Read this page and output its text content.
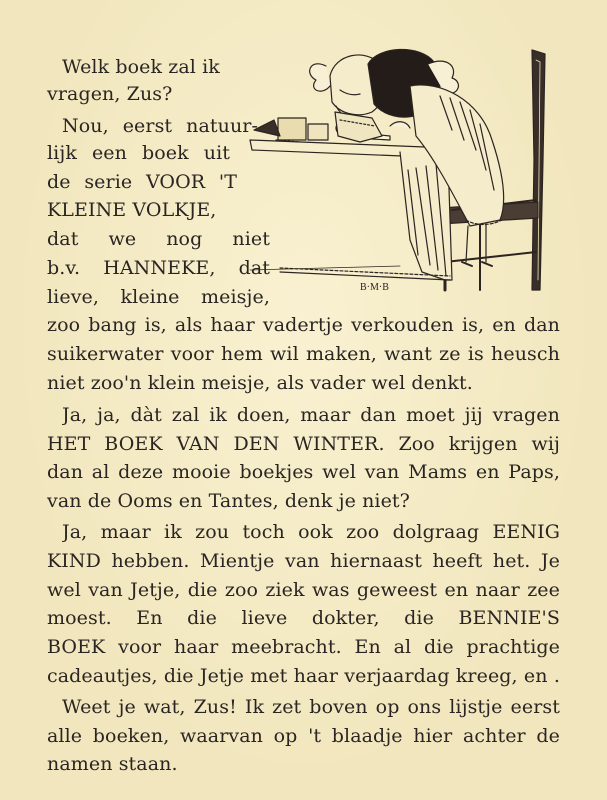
B·M·B
Welk boek zal ik
vragen, Zus?
Nou, eerst natuur-
lijk een boek uit
de serie VOOR 'T
KLEINE VOLKJE,
dat we nog niet
b.v. HANNEKE, dat
lieve, kleine meisje,
zoo bang is, als haar vadertje verkouden is, en dan
suikerwater voor hem wil maken, want ze is heusch
niet zoo'n klein meisje, als vader wel denkt.
Ja, ja, dàt zal ik doen, maar dan moet jij vragen
HET BOEK VAN DEN WINTER. Zoo krijgen wij
dan al deze mooie boekjes wel van Mams en Paps,
van de Ooms en Tantes, denk je niet?
Ja, maar ik zou toch ook zoo dolgraag EENIG
KIND hebben. Mientje van hiernaast heeft het. Je
wel van Jetje, die zoo ziek was geweest en naar zee
moest. En die lieve dokter, die BENNIE'S
BOEK voor haar meebracht. En al die prachtige
cadeautjes, die Jetje met haar verjaardag kreeg, en .
Weet je wat, Zus! Ik zet boven op ons lijstje eerst
alle boeken, waarvan op 't blaadje hier achter de
namen staan.
